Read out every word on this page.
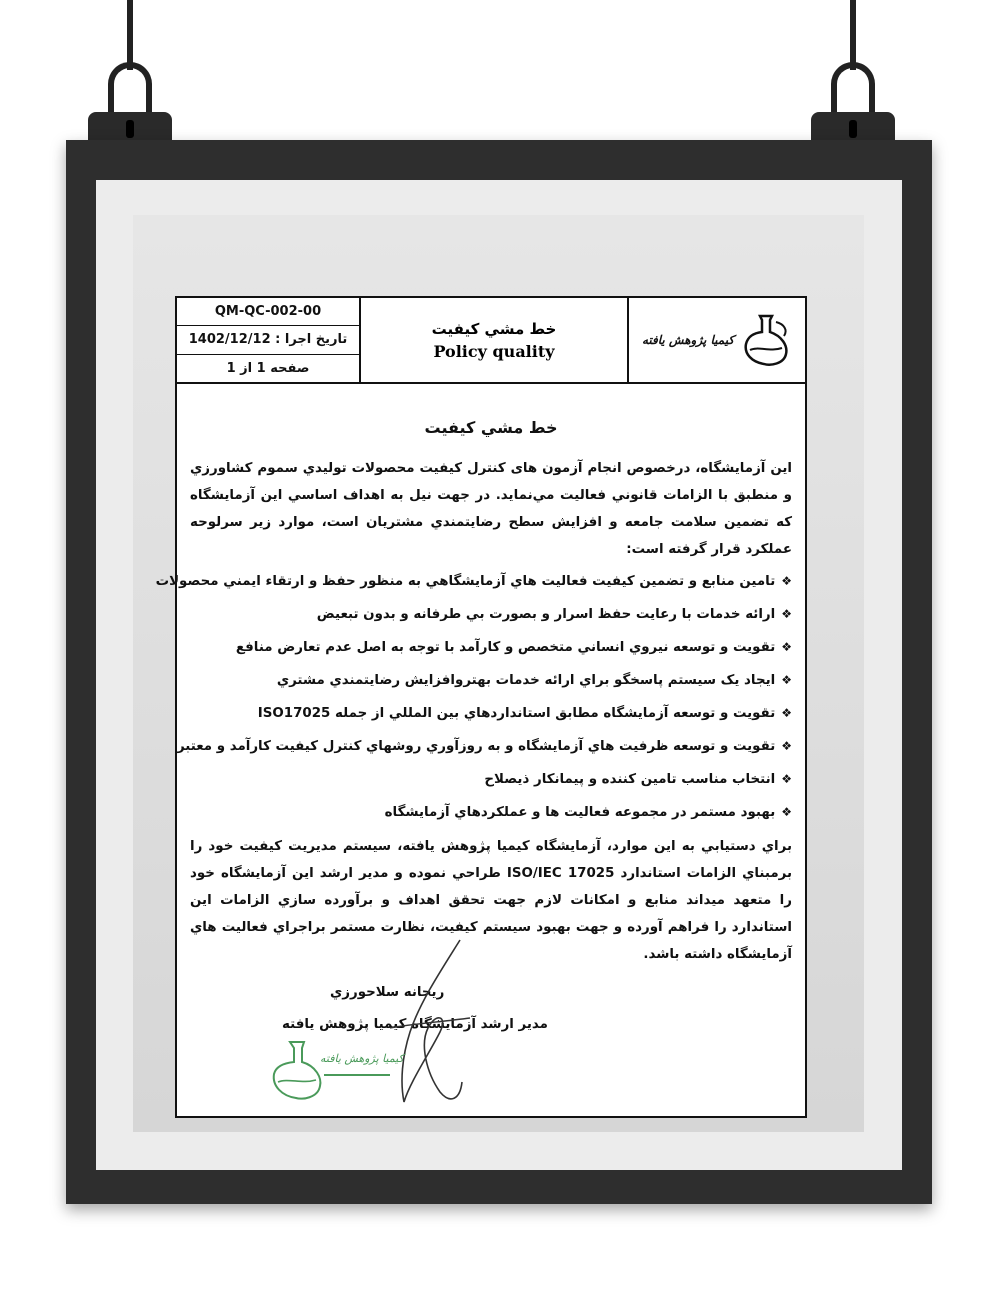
QM-QC-002-00
تاريخ اجرا : 1402/12/12
صفحه 1 از 1
خط مشي كيفيت
Policy quality
كيميا پژوهش يافته
خط مشي كيفيت
اين آزمايشگاه، درخصوص انجام آزمون هاى كنترل كيفيت محصولات توليدي سموم كشاورزي و منطبق با الزامات قانوني فعاليت مي‌نمايد. در جهت نيل به اهداف اساسي اين آزمايشگاه كه تضمين سلامت جامعه و افزايش سطح رضايتمندي مشتريان است، موارد زير سرلوحه عملكرد قرار گرفته است:
❖تامين منابع و تضمين كيفيت فعاليت هاي آزمايشگاهي به منظور حفظ و ارتقاء ايمني محصولات
❖ارائه خدمات با رعايت حفظ اسرار و بصورت بي طرفانه و بدون تبعيض
❖تقويت و توسعه نيروي انساني متخصص و كارآمد با توجه به اصل عدم تعارض منافع
❖ايجاد يک سيستم پاسخگو براي ارائه خدمات بهتروافزايش رضايتمندي مشتري
❖تقويت و توسعه آزمايشگاه مطابق استانداردهاي بين المللي از جمله ISO17025
❖تقويت و توسعه ظرفيت هاي آزمايشگاه و به روزآوري روشهاي كنترل كيفيت كارآمد و معتبر
❖انتخاب مناسب تامين كننده و پيمانكار ذيصلاح
❖بهبود مستمر در مجموعه فعاليت ها و عملكردهاي آزمايشگاه
براي دستيابي به اين موارد، آزمايشگاه كيميا پژوهش يافته، سيستم مديريت كيفيت خود را برمبناي الزامات استاندارد ISO/IEC 17025 طراحي نموده و مدير ارشد اين آزمايشگاه خود را متعهد ميداند منابع و امكانات لازم جهت تحقق اهداف و برآورده سازي الزامات اين استاندارد را فراهم آورده و جهت بهبود سيستم كيفيت، نظارت مستمر براجراي فعاليت هاي آزمايشگاه داشته باشد.
ريحانه سلاحورزي
مدير ارشد آزمايشگاه كيميا پژوهش يافته
كيميا پژوهش يافته
